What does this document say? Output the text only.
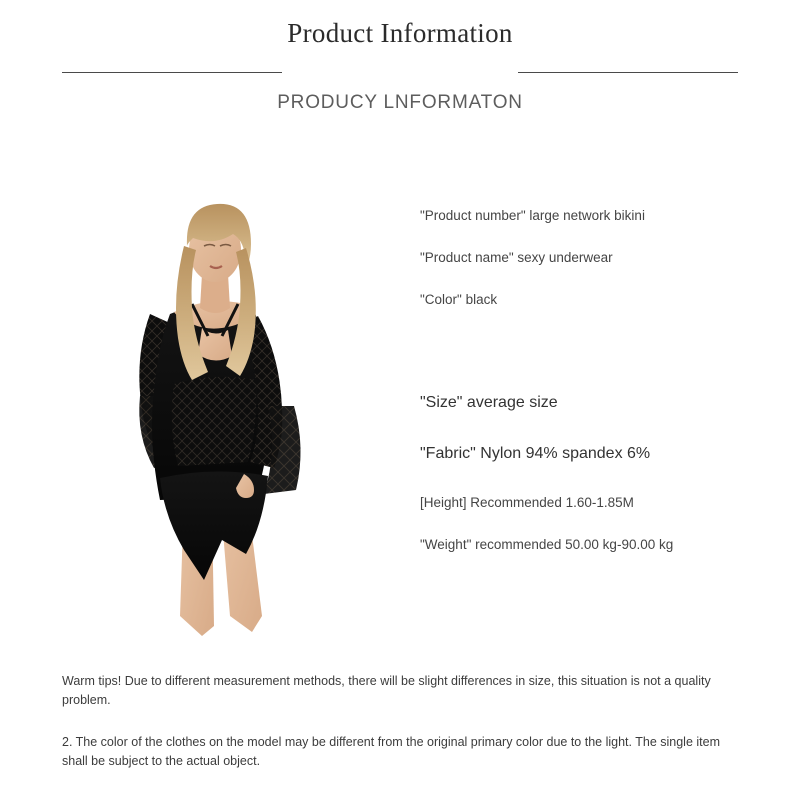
Product Information
PRODUCY LNFORMATON
"Product number" large network bikini
"Product name" sexy underwear
"Color" black
"Size" average size
"Fabric" Nylon 94% spandex 6%
[Height] Recommended 1.60-1.85M
"Weight" recommended 50.00 kg-90.00 kg
Warm tips! Due to different measurement methods, there will be slight differences in size, this situation is not a quality problem.
2. The color of the clothes on the model may be different from the original primary color due to the light. The single item shall be subject to the actual object.
